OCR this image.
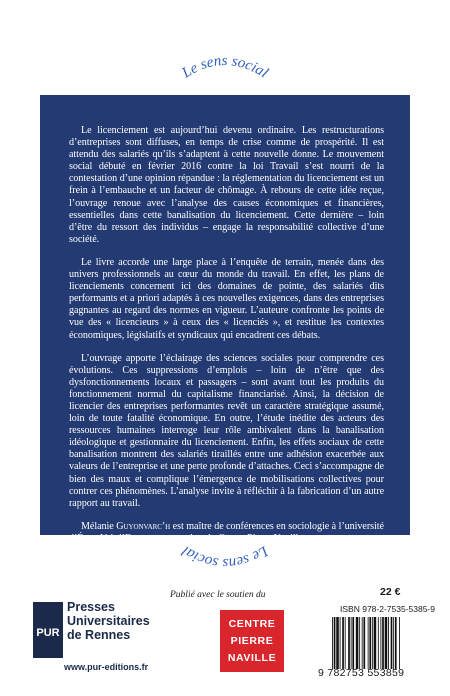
Le sens social

Le licenciement est aujourd’hui devenu ordinaire. Les restructurations d’entreprises sont diffuses, en temps de crise comme de prospérité. Il est attendu des salariés qu’ils s’adaptent à cette nouvelle donne. Le mouvement social débuté en février 2016 contre la loi Travail s’est nourri de la contestation d’une opinion répandue : la réglementation du licenciement est un frein à l’embauche et un facteur de chômage. À rebours de cette idée reçue, l’ouvrage renoue avec l’analyse des causes économiques et financières, essentielles dans cette banalisation du licenciement. Cette dernière – loin d’être du ressort des individus – engage la responsabilité collective d’une société.

Le livre accorde une large place à l’enquête de terrain, menée dans des univers professionnels au cœur du monde du travail. En effet, les plans de licenciements concernent ici des domaines de pointe, des salariés dits performants et a priori adaptés à ces nouvelles exigences, dans des entreprises gagnantes au regard des normes en vigueur. L’auteure confronte les points de vue des « licencieurs » à ceux des « licenciés », et restitue les contextes économiques, législatifs et syndicaux qui encadrent ces débats.

L’ouvrage apporte l’éclairage des sciences sociales pour comprendre ces évolutions. Ces suppressions d’emplois – loin de n’être que des dysfonctionnements locaux et passagers – sont avant tout les produits du fonctionnement normal du capitalisme financiarisé. Ainsi, la décision de licencier des entreprises performantes revêt un caractère stratégique assumé, loin de toute fatalité économique. En outre, l’étude inédite des acteurs des ressources humaines interroge leur rôle ambivalent dans la banalisation idéologique et gestionnaire du licenciement. Enfin, les effets sociaux de cette banalisation montrent des salariés tiraillés entre une adhésion exacerbée aux valeurs de l’entreprise et une perte profonde d’attaches. Ceci s’accompagne de bien des maux et complique l’émergence de mobilisations collectives pour contrer ces phénomènes. L’analyse invite à réfléchir à la fabrication d’un autre rapport au travail.

Mélanie Guyonvarc’h est maître de conférences en sociologie à l’université d’Évry-Val-d’Essonne et membre du Centre Pierre Naville.

Le sens social
PUR
Presses
Universitaires
de Rennes
www.pur-editions.fr
Publié avec le soutien du
CENTRE
PIERRE
NAVILLE
22 €
ISBN 978-2-7535-5385-9
9 782753 553859
